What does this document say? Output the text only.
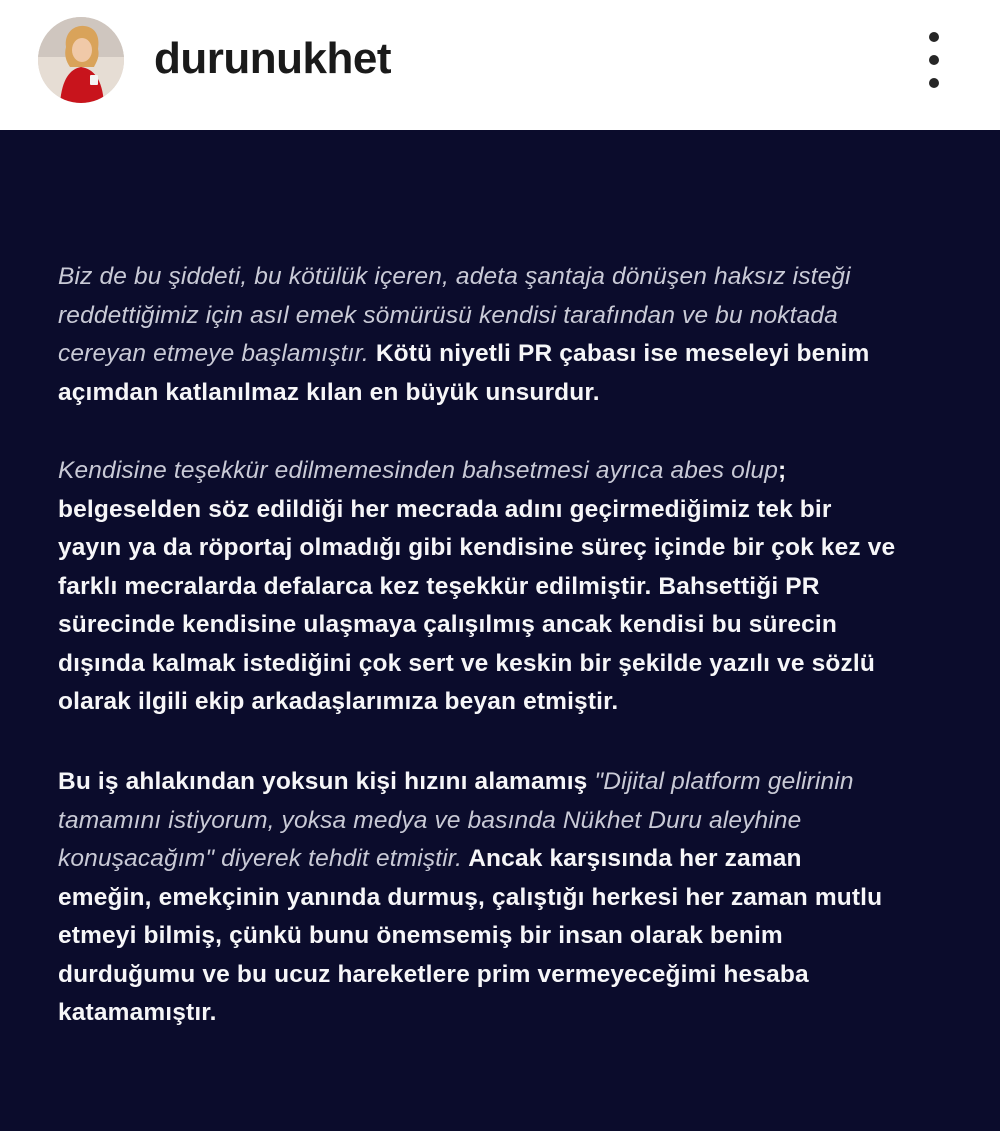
durunukhet
Biz de bu şiddeti, bu kötülük içeren, adeta şantaja dönüşen haksız isteği
reddettiğimiz için asıl emek sömürüsü kendisi tarafından ve bu noktada
cereyan etmeye başlamıştır. Kötü niyetli PR çabası ise meseleyi benim
açımdan katlanılmaz kılan en büyük unsurdur.
Kendisine teşekkür edilmemesinden bahsetmesi ayrıca abes olup;
belgeselden söz edildiği her mecrada adını geçirmediğimiz tek bir
yayın ya da röportaj olmadığı gibi kendisine süreç içinde bir çok kez ve
farklı mecralarda defalarca kez teşekkür edilmiştir. Bahsettiği PR
sürecinde kendisine ulaşmaya çalışılmış ancak kendisi bu sürecin
dışında kalmak istediğini çok sert ve keskin bir şekilde yazılı ve sözlü
olarak ilgili ekip arkadaşlarımıza beyan etmiştir.
Bu iş ahlakından yoksun kişi hızını alamamış "Dijital platform gelirinin
tamamını istiyorum, yoksa medya ve basında Nükhet Duru aleyhine
konuşacağım" diyerek tehdit etmiştir. Ancak karşısında her zaman
emeğin, emekçinin yanında durmuş, çalıştığı herkesi her zaman mutlu
etmeyi bilmiş, çünkü bunu önemsemiş bir insan olarak benim
durduğumu ve bu ucuz hareketlere prim vermeyeceğimi hesaba
katamamıştır.
